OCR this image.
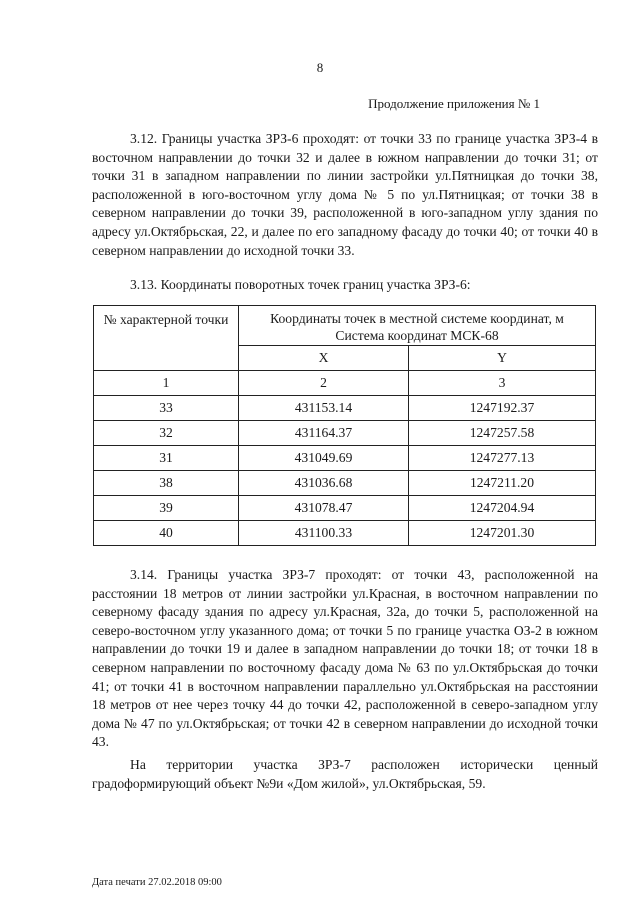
8
Продолжение приложения № 1

3.12. Границы участка ЗРЗ-6 проходят: от точки 33 по границе участка ЗРЗ-4 в восточном направлении до точки 32 и далее в южном направлении до точки 31; от точки 31 в западном направлении по линии застройки ул.Пятницкая до точки 38, расположенной в юго-восточном углу дома № 5 по ул.Пятницкая; от точки 38 в северном направлении до точки 39, расположенной в юго-западном углу здания по адресу ул.Октябрьская, 22, и далее по его западному фасаду до точки 40; от точки 40 в северном направлении до исходной точки 33.

3.13. Координаты поворотных точек границ участка ЗРЗ-6:

№ характерной точки	Координаты точек в местной системе координат, м
Система координат МСК-68	

	X	Y
1	2	3
33	431153.14	1247192.37
32	431164.37	1247257.58
31	431049.69	1247277.13
38	431036.68	1247211.20
39	431078.47	1247204.94
40	431100.33	1247201.30

3.14. Границы участка ЗРЗ-7 проходят: от точки 43, расположенной на расстоянии 18 метров от линии застройки ул.Красная, в восточном направлении по северному фасаду здания по адресу ул.Красная, 32а, до точки 5, расположенной на северо-восточном углу указанного дома; от точки 5 по границе участка ОЗ-2 в южном направлении до точки 19 и далее в западном направлении до точки 18; от точки 18 в северном направлении по восточному фасаду дома № 63 по ул.Октябрьская до точки 41; от точки 41 в восточном направлении параллельно ул.Октябрьская на расстоянии 18 метров от нее через точку 44 до точки 42, расположенной в северо-западном углу дома № 47 по ул.Октябрьская; от точки 42 в северном направлении до исходной точки 43.

На территории участка ЗРЗ-7 расположен исторически ценный градоформирующий объект №9и «Дом жилой», ул.Октябрьская, 59.

Дата печати 27.02.2018 09:00
